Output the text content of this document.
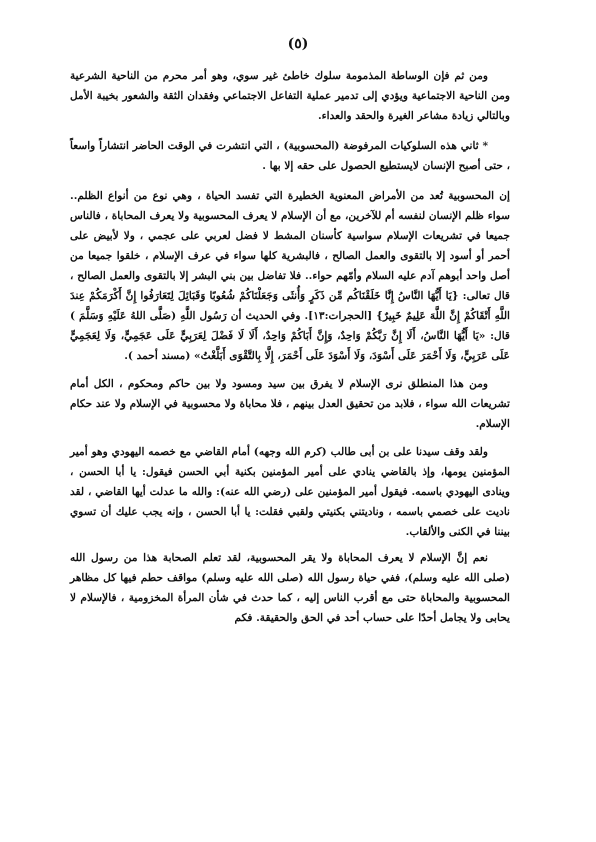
(٥)

ومن ثم فإن الوساطة المذمومة سلوك خاطئ غير سوي، وهو أمر محرم من الناحية الشرعية ومن الناحية الاجتماعية ويؤدي إلى تدمير عملية التفاعل الاجتماعي وفقدان الثقة والشعور بخيبة الأمل وبالتالي زيادة مشاعر الغيرة والحقد والعداء.

* ثاني هذه السلوكيات المرفوضة (المحسوبية) ، التي انتشرت في الوقت الحاضر انتشاراً واسعاً ، حتى أصبح الإنسان لايستطيع الحصول على حقه إلا بها .

إن المحسوبية تُعد من الأمراض المعنوية الخطيرة التي تفسد الحياة ، وهي نوع من أنواع الظلم.. سواء ظلم الإنسان لنفسه أم للآخرين، مع أن الإسلام لا يعرف المحسوبية ولا يعرف المحاباة ، فالناس جميعا في تشريعات الإسلام سواسية كأسنان المشط لا فضل لعربي على عجمي ، ولا لأبيض على أحمر أو أسود إلا بالتقوى والعمل الصالح ، فالبشرية كلها سواء في عرف الإسلام ، خلقوا جميعا من أصل واحد أبوهم آدم عليه السلام وأمّهم حواء.. فلا تفاضل بين بني البشر إلا بالتقوى والعمل الصالح ، قال تعالى: {يَا أَيُّهَا النَّاسُ إِنَّا خَلَقْنَاكُم مِّن ذَكَرٍ وَأُنثَى وَجَعَلْنَاكُمْ شُعُوبًا وَقَبَائِلَ لِتَعَارَفُوا إِنَّ أَكْرَمَكُمْ عِندَ اللَّهِ أَتْقَاكُمْ إِنَّ اللَّهَ عَلِيمٌ خَبِيرٌ} [الحجرات:١٣]. وفي الحديث أن رَسُول اللَّهِ (صَلَّى اللهُ عَلَيْهِ وَسَلَّمَ ) قال: «يَا أَيُّهَا النَّاسُ، أَلَا إِنَّ رَبَّكُمْ وَاحِدٌ، وَإِنَّ أَبَاكُمْ وَاحِدٌ، أَلَا لَا فَضْلَ لِعَرَبِيٍّ عَلَى عَجَمِيٍّ، وَلَا لِعَجَمِيٍّ عَلَى عَرَبِيٍّ، وَلَا أَحْمَرَ عَلَى أَسْوَدَ، وَلَا أَسْوَدَ عَلَى أَحْمَرَ، إِلَّا بِالتَّقْوَى أَبَلَّغْتُ» (مسند أحمد ).

ومن هذا المنطلق نرى الإسلام لا يفرق بين سيد ومسود ولا بين حاكم ومحكوم ، الكل أمام تشريعات الله سواء ، فلابد من تحقيق العدل بينهم ، فلا محاباة ولا محسوبية في الإسلام ولا عند حكام الإسلام.

ولقد وقف سيدنا على بن أبى طالب (كرم الله وجهه) أمام القاضي مع خصمه اليهودي وهو أمير المؤمنين يومها، وإذ بالقاضي ينادي على أمير المؤمنين بكنية أبي الحسن فيقول: يا أبا الحسن ، وينادى اليهودي باسمه. فيقول أمير المؤمنين على (رضي الله عنه): والله ما عدلت أيها القاضي ، لقد ناديت على خصمي باسمه ، وناديتني بكنيتي ولقبي فقلت: يا أبا الحسن ، وإنه يجب عليك أن تسوي بيننا في الكنى والألقاب.

نعم إنَّ الإسلام لا يعرف المحاباة ولا يقر المحسوبية، لقد تعلم الصحابة هذا من رسول الله (صلى الله عليه وسلم)، ففي حياة رسول الله (صلى الله عليه وسلم) مواقف حطم فيها كل مظاهر المحسوبية والمحاباة حتى مع أقرب الناس إليه ، كما حدث في شأن المرأة المخزومية ، فالإسلام لا يحابى ولا يجامل أحدًا على حساب أحد في الحق والحقيقة. فكم
